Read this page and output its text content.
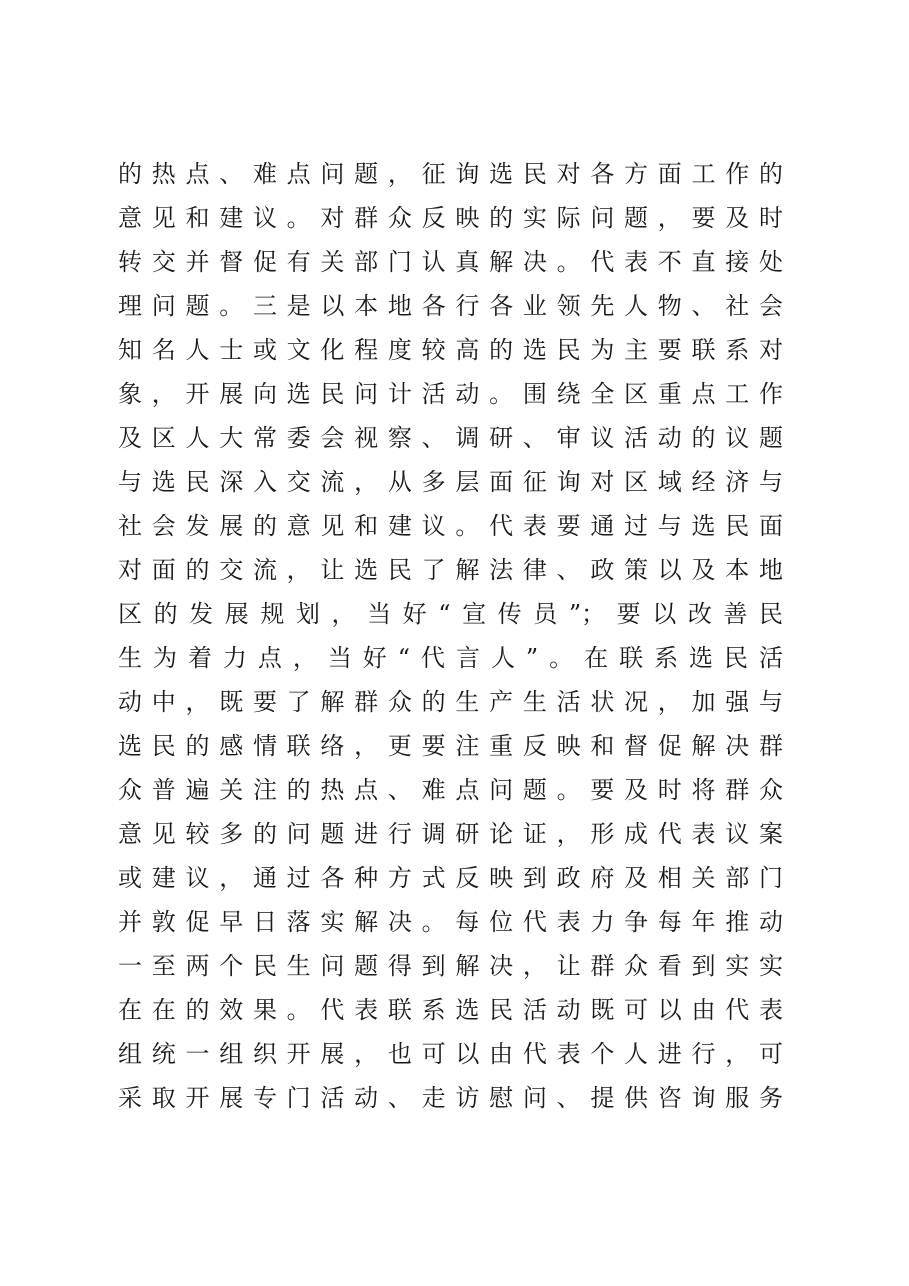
的热点、难点问题，征询选民对各方面工作的
意见和建议。对群众反映的实际问题，要及时
转交并督促有关部门认真解决。代表不直接处
理问题。三是以本地各行各业领先人物、社会
知名人士或文化程度较高的选民为主要联系对
象，开展向选民问计活动。围绕全区重点工作
及区人大常委会视察、调研、审议活动的议题
与选民深入交流，从多层面征询对区域经济与
社会发展的意见和建议。代表要通过与选民面
对面的交流，让选民了解法律、政策以及本地
区的发展规划，当好“宣传员”；要以改善民
生为着力点，当好“代言人”。在联系选民活
动中，既要了解群众的生产生活状况，加强与
选民的感情联络，更要注重反映和督促解决群
众普遍关注的热点、难点问题。要及时将群众
意见较多的问题进行调研论证，形成代表议案
或建议，通过各种方式反映到政府及相关部门
并敦促早日落实解决。每位代表力争每年推动
一至两个民生问题得到解决，让群众看到实实
在在的效果。代表联系选民活动既可以由代表
组统一组织开展，也可以由代表个人进行，可
采取开展专门活动、走访慰问、提供咨询服务
